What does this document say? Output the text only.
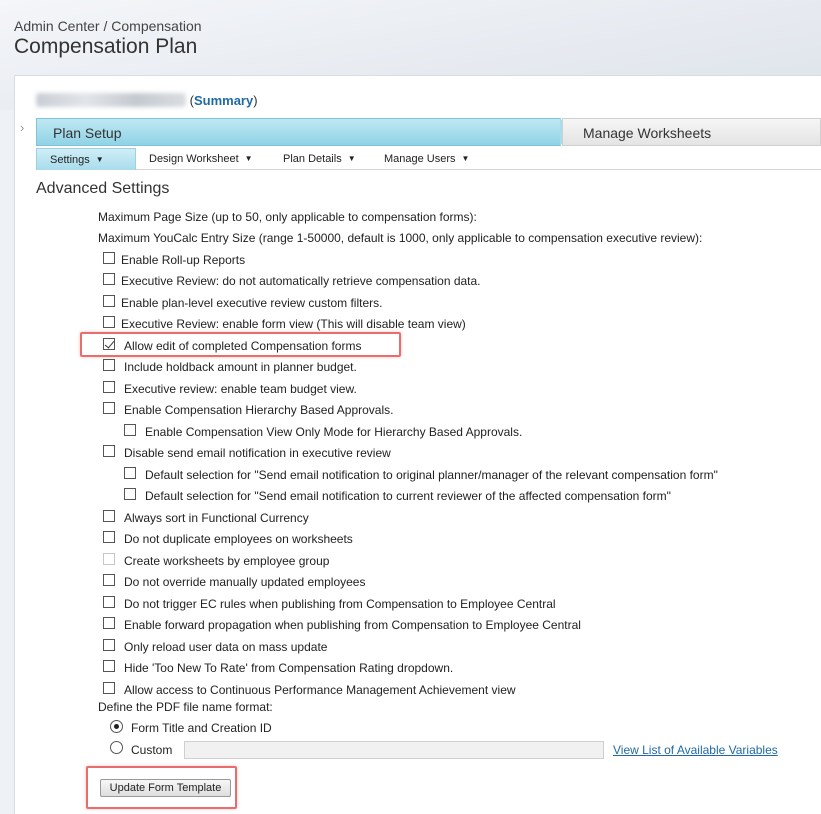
Admin Center / Compensation
Compensation Plan
(Summary)
›	Plan Setup	Manage Worksheets
Settings ▼	Design Worksheet ▼	Plan Details ▼	Manage Users ▼
Advanced Settings
Maximum Page Size (up to 50, only applicable to compensation forms):
Maximum YouCalc Entry Size (range 1-50000, default is 1000, only applicable to compensation executive review):
Enable Roll-up Reports
Executive Review: do not automatically retrieve compensation data.
Enable plan-level executive review custom filters.
Executive Review: enable form view (This will disable team view)
Allow edit of completed Compensation forms
Include holdback amount in planner budget.
Executive review: enable team budget view.
Enable Compensation Hierarchy Based Approvals.
Enable Compensation View Only Mode for Hierarchy Based Approvals.
Disable send email notification in executive review
Default selection for "Send email notification to original planner/manager of the relevant compensation form"
Default selection for "Send email notification to current reviewer of the affected compensation form"
Always sort in Functional Currency
Do not duplicate employees on worksheets
Create worksheets by employee group
Do not override manually updated employees
Do not trigger EC rules when publishing from Compensation to Employee Central
Enable forward propagation when publishing from Compensation to Employee Central
Only reload user data on mass update
Hide 'Too New To Rate' from Compensation Rating dropdown.
Allow access to Continuous Performance Management Achievement view
Define the PDF file name format:
Form Title and Creation ID
Custom	View List of Available Variables
Update Form Template
